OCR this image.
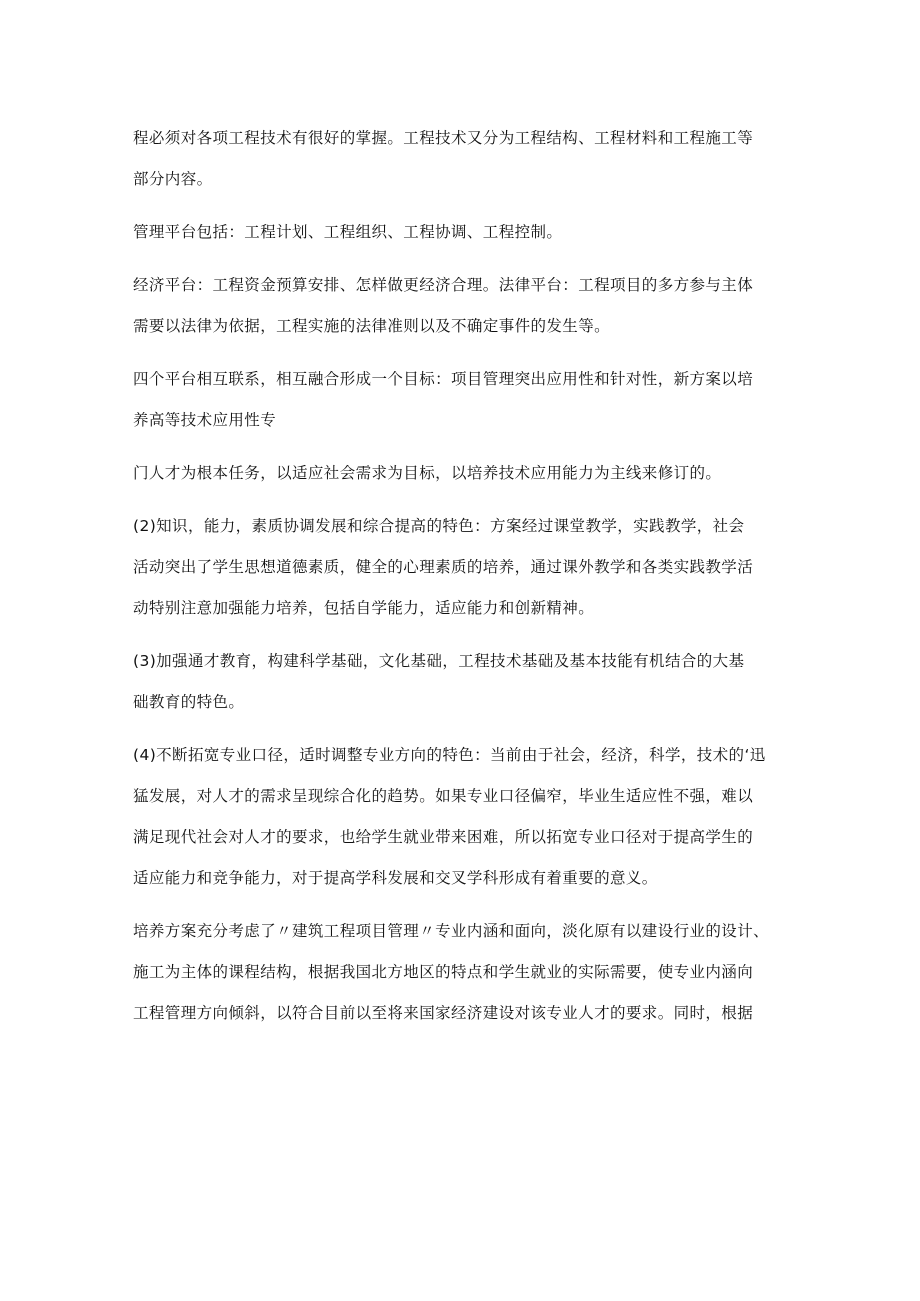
程必须对各项工程技术有很好的掌握。工程技术又分为工程结构、工程材料和工程施工等
部分内容。
管理平台包括：工程计划、工程组织、工程协调、工程控制。
经济平台：工程资金预算安排、怎样做更经济合理。法律平台：工程项目的多方参与主体
需要以法律为依据，工程实施的法律准则以及不确定事件的发生等。
四个平台相互联系，相互融合形成一个目标：项目管理突出应用性和针对性，新方案以培
养高等技术应用性专
门人才为根本任务，以适应社会需求为目标，以培养技术应用能力为主线来修订的。
(2)知识，能力，素质协调发展和综合提高的特色：方案经过课堂教学，实践教学，社会
活动突出了学生思想道德素质，健全的心理素质的培养，通过课外教学和各类实践教学活
动特别注意加强能力培养，包括自学能力，适应能力和创新精神。
(3)加强通才教育，构建科学基础，文化基础，工程技术基础及基本技能有机结合的大基
础教育的特色。
(4)不断拓宽专业口径，适时调整专业方向的特色：当前由于社会，经济，科学，技术的‘迅
猛发展，对人才的需求呈现综合化的趋势。如果专业口径偏窄，毕业生适应性不强，难以
满足现代社会对人才的要求，也给学生就业带来困难，所以拓宽专业口径对于提高学生的
适应能力和竞争能力，对于提高学科发展和交叉学科形成有着重要的意义。
培养方案充分考虑了〃建筑工程项目管理〃专业内涵和面向，淡化原有以建设行业的设计、
施工为主体的课程结构，根据我国北方地区的特点和学生就业的实际需要，使专业内涵向
工程管理方向倾斜，以符合目前以至将来国家经济建设对该专业人才的要求。同时，根据
